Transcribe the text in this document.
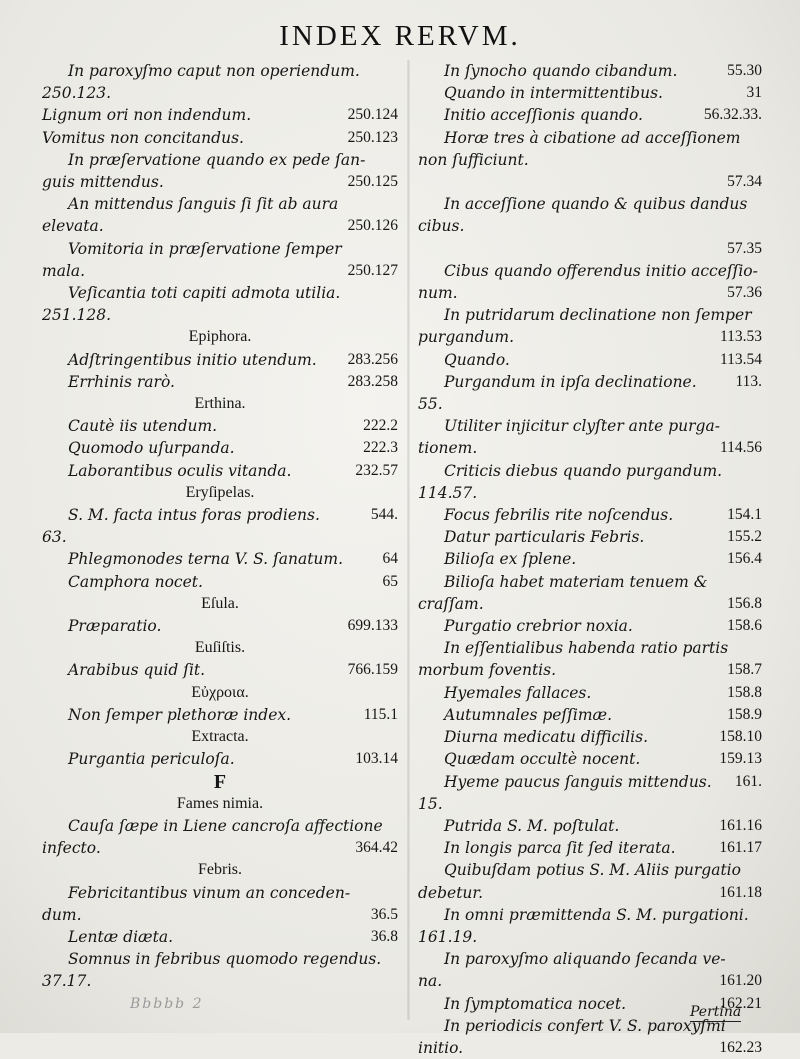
INDEX RERVM.
In paroxyſmo caput non operiendum.
250.123.
Lignum ori non indendum.	250.124
Vomitus non concitandus.	250.123
In præſervatione quando ex pede ſan-
guis mittendus.	250.125
An mittendus ſanguis ſi ſit ab aura
elevata.	250.126
Vomitoria in præſervatione ſemper
mala.	250.127
Veſicantia toti capiti admota utilia.
251.128.
Epiphora.
Adſtringentibus initio utendum. 283.256
Errhinis rarò.	283.258
Erthina.
Cautè iis utendum.	222.2
Quomodo uſurpanda.	222.3
Laborantibus oculis vitanda.	232.57
Eryſipelas.
S. M. facta intus foras prodiens.	544.
63.
Phlegmonodes terna V. S. ſanatum.	64
Camphora nocet.	65
Eſula.
Præparatio.	699.133
Euſiſtis.
Arabibus quid ſit.	766.159
Εὐχροια.
Non ſemper plethoræ index.	115.1
Extracta.
Purgantia periculoſa.	103.14
F
Fames nimia.
Cauſa ſæpe in Liene cancroſa affectione
infecto.	364.42
Febris.
Febricitantibus vinum an conceden-
dum.	36.5
Lentæ diæta.	36.8
Somnus in febribus quomodo regendus.
37.17.
In ſynocho quando cibandum.	55.30
Quando in intermittentibus.	31
Initio acceſſionis quando.	56.32.33.
Horæ tres à cibatione ad acceſſionem
non ſufficiunt.
57.34
In acceſſione quando & quibus dandus
cibus.
57.35
Cibus quando offerendus initio acceſſio-
num.	57.36
In putridarum declinatione non ſemper
purgandum.	113.53
Quando.	113.54
Purgandum in ipſa declinatione.	113.
55.
Utiliter injicitur clyſter ante purga-
tionem.	114.56
Criticis diebus quando purgandum.
114.57.
Focus febrilis rite noſcendus.	154.1
Datur particularis Febris.	155.2
Bilioſa ex ſplene.	156.4
Bilioſa habet materiam tenuem &
craſſam.	156.8
Purgatio crebrior noxia.	158.6
In eſſentialibus habenda ratio partis
morbum foventis.	158.7
Hyemales fallaces.	158.8
Autumnales peſſimæ.	158.9
Diurna medicatu difficilis.	158.10
Quædam occultè nocent.	159.13
Hyeme paucus ſanguis mittendus. 161.
15.
Putrida S. M. poſtulat.	161.16
In longis parca ſit ſed iterata.	161.17
Quibuſdam potius S. M. Aliis purgatio
debetur.	161.18
In omni præmittenda S. M. purgationi.
161.19.
In paroxyſmo aliquando ſecanda ve-
na.	161.20
In ſymptomatica nocet.	162.21
In periodicis confert V. S. paroxyſmi
initio.	162.23
Bbbbb 2	Pertina
